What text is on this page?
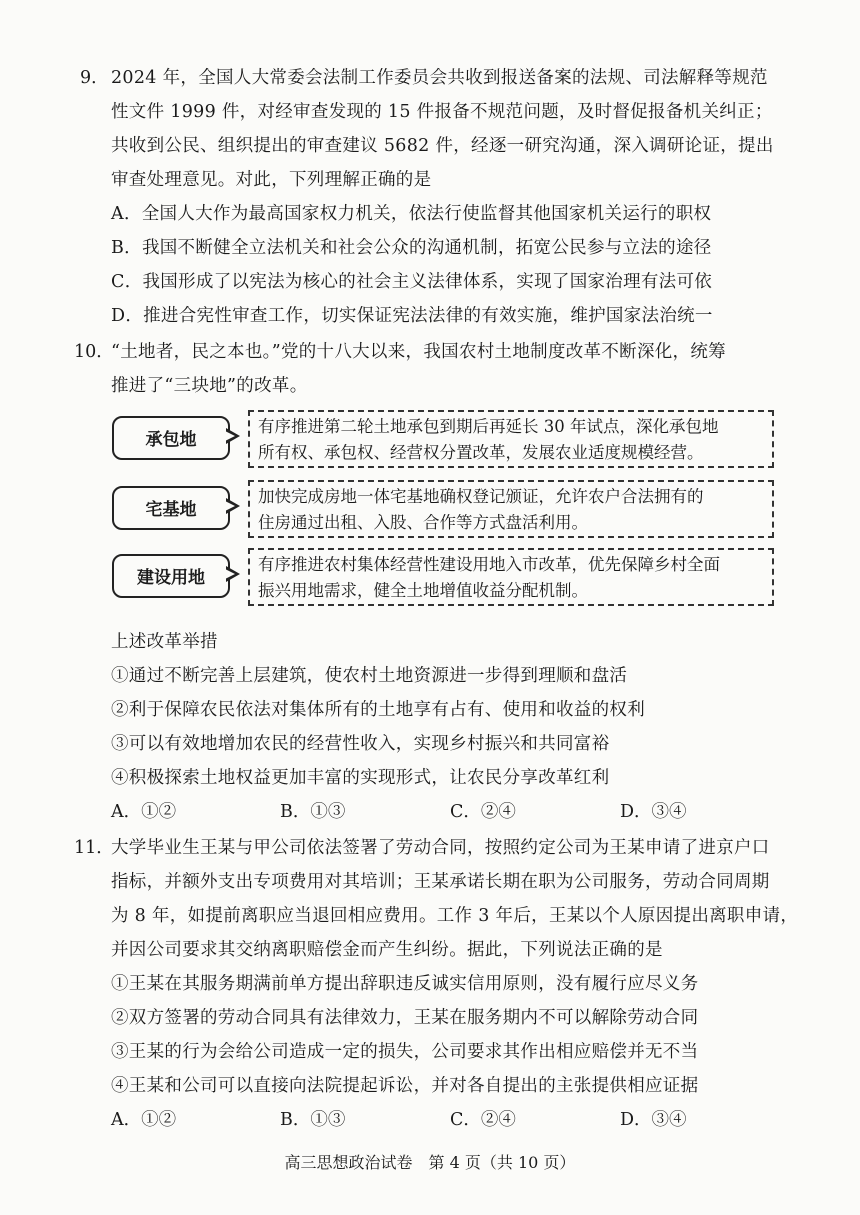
9． 2024 年，全国人大常委会法制工作委员会共收到报送备案的法规、司法解释等规范
性文件 1999 件，对经审查发现的 15 件报备不规范问题，及时督促报备机关纠正；
共收到公民、组织提出的审查建议 5682 件，经逐一研究沟通，深入调研论证，提出
审查处理意见。对此，下列理解正确的是
A．全国人大作为最高国家权力机关，依法行使监督其他国家机关运行的职权
B．我国不断健全立法机关和社会公众的沟通机制，拓宽公民参与立法的途径
C．我国形成了以宪法为核心的社会主义法律体系，实现了国家治理有法可依
D．推进合宪性审查工作，切实保证宪法法律的有效实施，维护国家法治统一
10．
“土地者，民之本也。”党的十八大以来，我国农村土地制度改革不断深化，统筹
推进了“三块地”的改革。
承包地
有序推进第二轮土地承包到期后再延长 30 年试点，深化承包地
所有权、承包权、经营权分置改革，发展农业适度规模经营。
宅基地
加快完成房地一体宅基地确权登记颁证，允许农户合法拥有的
住房通过出租、入股、合作等方式盘活利用。
建设用地
有序推进农村集体经营性建设用地入市改革，优先保障乡村全面
振兴用地需求，健全土地增值收益分配机制。
上述改革举措
①通过不断完善上层建筑，使农村土地资源进一步得到理顺和盘活
②利于保障农民依法对集体所有的土地享有占有、使用和收益的权利
③可以有效地增加农民的经营性收入，实现乡村振兴和共同富裕
④积极探索土地权益更加丰富的实现形式，让农民分享改革红利
A．①②	B．①③	C．②④	D．③④
11．
大学毕业生王某与甲公司依法签署了劳动合同，按照约定公司为王某申请了进京户口
指标，并额外支出专项费用对其培训；王某承诺长期在职为公司服务，劳动合同周期
为 8 年，如提前离职应当退回相应费用。工作 3 年后，王某以个人原因提出离职申请，
并因公司要求其交纳离职赔偿金而产生纠纷。据此，下列说法正确的是
①王某在其服务期满前单方提出辞职违反诚实信用原则，没有履行应尽义务
②双方签署的劳动合同具有法律效力，王某在服务期内不可以解除劳动合同
③王某的行为会给公司造成一定的损失，公司要求其作出相应赔偿并无不当
④王某和公司可以直接向法院提起诉讼，并对各自提出的主张提供相应证据
A．①②	B．①③	C．②④	D．③④
高三思想政治试卷　第 4 页（共 10 页）
